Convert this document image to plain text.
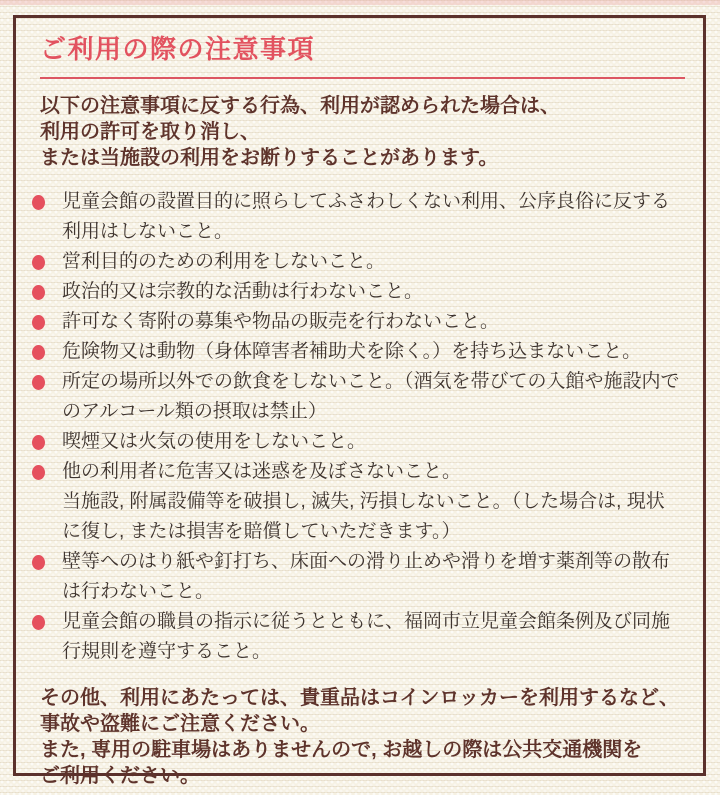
ご利用の際の注意事項
以下の注意事項に反する行為、利用が認められた場合は、
利用の許可を取り消し、
または当施設の利用をお断りすることがあります。
児童会館の設置目的に照らしてふさわしくない利用、公序良俗に反する利用はしないこと。
営利目的のための利用をしないこと。
政治的又は宗教的な活動は行わないこと。
許可なく寄附の募集や物品の販売を行わないこと。
危険物又は動物（身体障害者補助犬を除く。）を持ち込まないこと。
所定の場所以外での飲食をしないこと。（酒気を帯びての入館や施設内でのアルコール類の摂取は禁止）
喫煙又は火気の使用をしないこと。
他の利用者に危害又は迷惑を及ぼさないこと。
当施設, 附属設備等を破損し, 滅失, 汚損しないこと。（した場合は, 現状に復し, または損害を賠償していただきます。）
壁等へのはり紙や釘打ち、床面への滑り止めや滑りを増す薬剤等の散布は行わないこと。
児童会館の職員の指示に従うとともに、福岡市立児童会館条例及び同施行規則を遵守すること。
その他、利用にあたっては、貴重品はコインロッカーを利用するなど、
事故や盗難にご注意ください。
また, 専用の駐車場はありませんので, お越しの際は公共交通機関を
ご利用ください。
